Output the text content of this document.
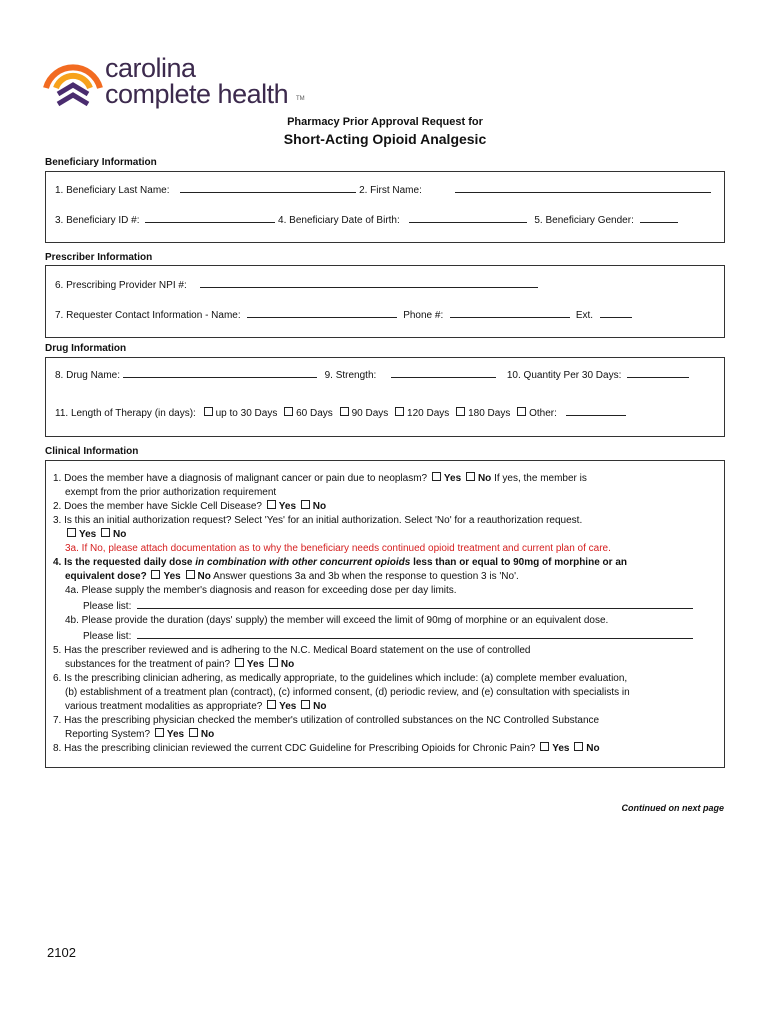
carolina
complete health TM
Pharmacy Prior Approval Request for
Short-Acting Opioid Analgesic
Beneficiary Information
1. Beneficiary Last Name:	2. First Name:
3. Beneficiary ID #:	4. Beneficiary Date of Birth:	5. Beneficiary Gender:
Prescriber Information
6. Prescribing Provider NPI #:
7. Requester Contact Information - Name:	Phone #:	Ext.
Drug Information
8. Drug Name:	9. Strength:	10. Quantity Per 30 Days:
11. Length of Therapy (in days): up to 30 Days 60 Days 90 Days 120 Days 180 Days Other:
Clinical Information
1. Does the member have a diagnosis of malignant cancer or pain due to neoplasm? Yes No If yes, the member is
exempt from the prior authorization requirement
2. Does the member have Sickle Cell Disease? Yes No
3. Is this an initial authorization request? Select 'Yes' for an initial authorization. Select 'No' for a reauthorization request.
Yes No
3a. If No, please attach documentation as to why the beneficiary needs continued opioid treatment and current plan of care.
4. Is the requested daily dose in combination with other concurrent opioids less than or equal to 90mg of morphine or an
equivalent dose? Yes No Answer questions 3a and 3b when the response to question 3 is 'No'.
4a. Please supply the member's diagnosis and reason for exceeding dose per day limits.
Please list:
4b. Please provide the duration (days' supply) the member will exceed the limit of 90mg of morphine or an equivalent dose.
Please list:
5. Has the prescriber reviewed and is adhering to the N.C. Medical Board statement on the use of controlled
substances for the treatment of pain? Yes No
6. Is the prescribing clinician adhering, as medically appropriate, to the guidelines which include: (a) complete member evaluation,
(b) establishment of a treatment plan (contract), (c) informed consent, (d) periodic review, and (e) consultation with specialists in
various treatment modalities as appropriate? Yes No
7. Has the prescribing physician checked the member's utilization of controlled substances on the NC Controlled Substance
Reporting System? Yes No
8. Has the prescribing clinician reviewed the current CDC Guideline for Prescribing Opioids for Chronic Pain? Yes No
Continued on next page
2102
